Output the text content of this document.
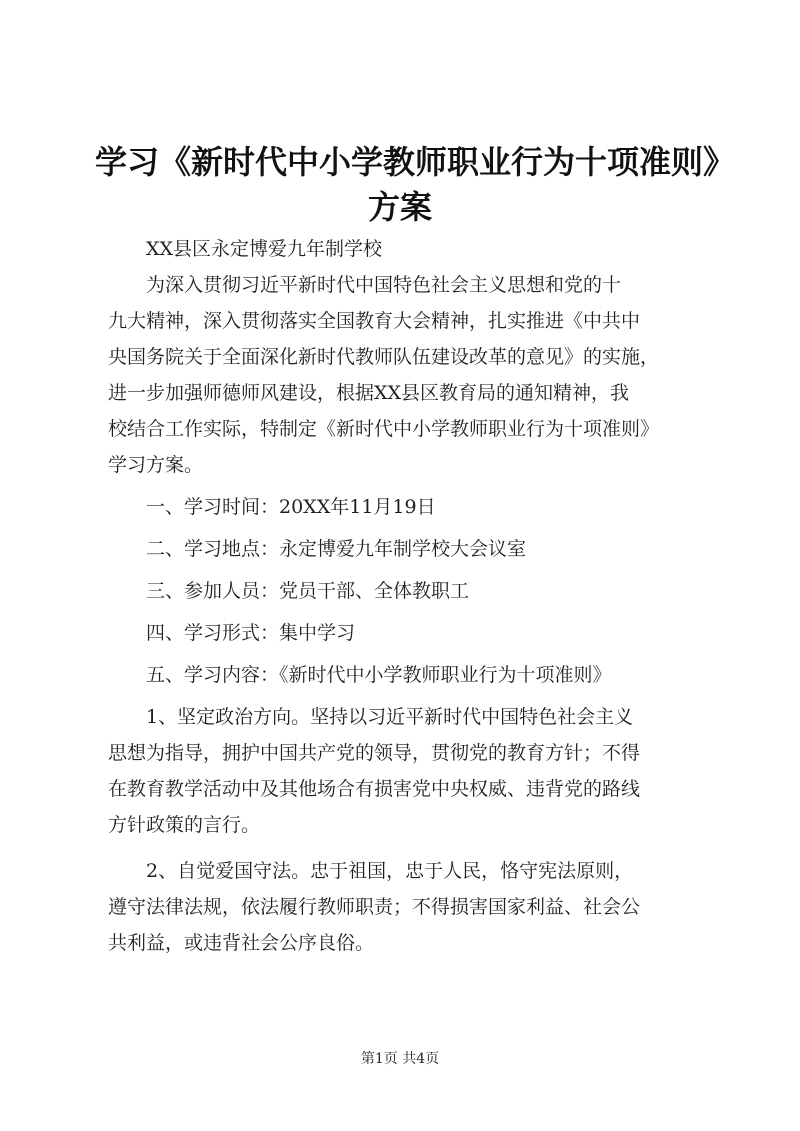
学习《新时代中小学教师职业行为十项准则》
方案

XX县区永定博爱九年制学校

为深入贯彻习近平新时代中国特色社会主义思想和党的十
九大精神，深入贯彻落实全国教育大会精神，扎实推进《中共中
央国务院关于全面深化新时代教师队伍建设改革的意见》的实施，
进一步加强师德师风建设，根据XX县区教育局的通知精神，我
校结合工作实际，特制定《新时代中小学教师职业行为十项准则》
学习方案。

一、学习时间：20XX年11月19日

二、学习地点：永定博爱九年制学校大会议室

三、参加人员：党员干部、全体教职工

四、学习形式：集中学习

五、学习内容：《新时代中小学教师职业行为十项准则》

1、坚定政治方向。坚持以习近平新时代中国特色社会主义
思想为指导，拥护中国共产党的领导，贯彻党的教育方针；不得
在教育教学活动中及其他场合有损害党中央权威、违背党的路线
方针政策的言行。

2、自觉爱国守法。忠于祖国，忠于人民，恪守宪法原则，
遵守法律法规，依法履行教师职责；不得损害国家利益、社会公
共利益，或违背社会公序良俗。

第1页 共4页
